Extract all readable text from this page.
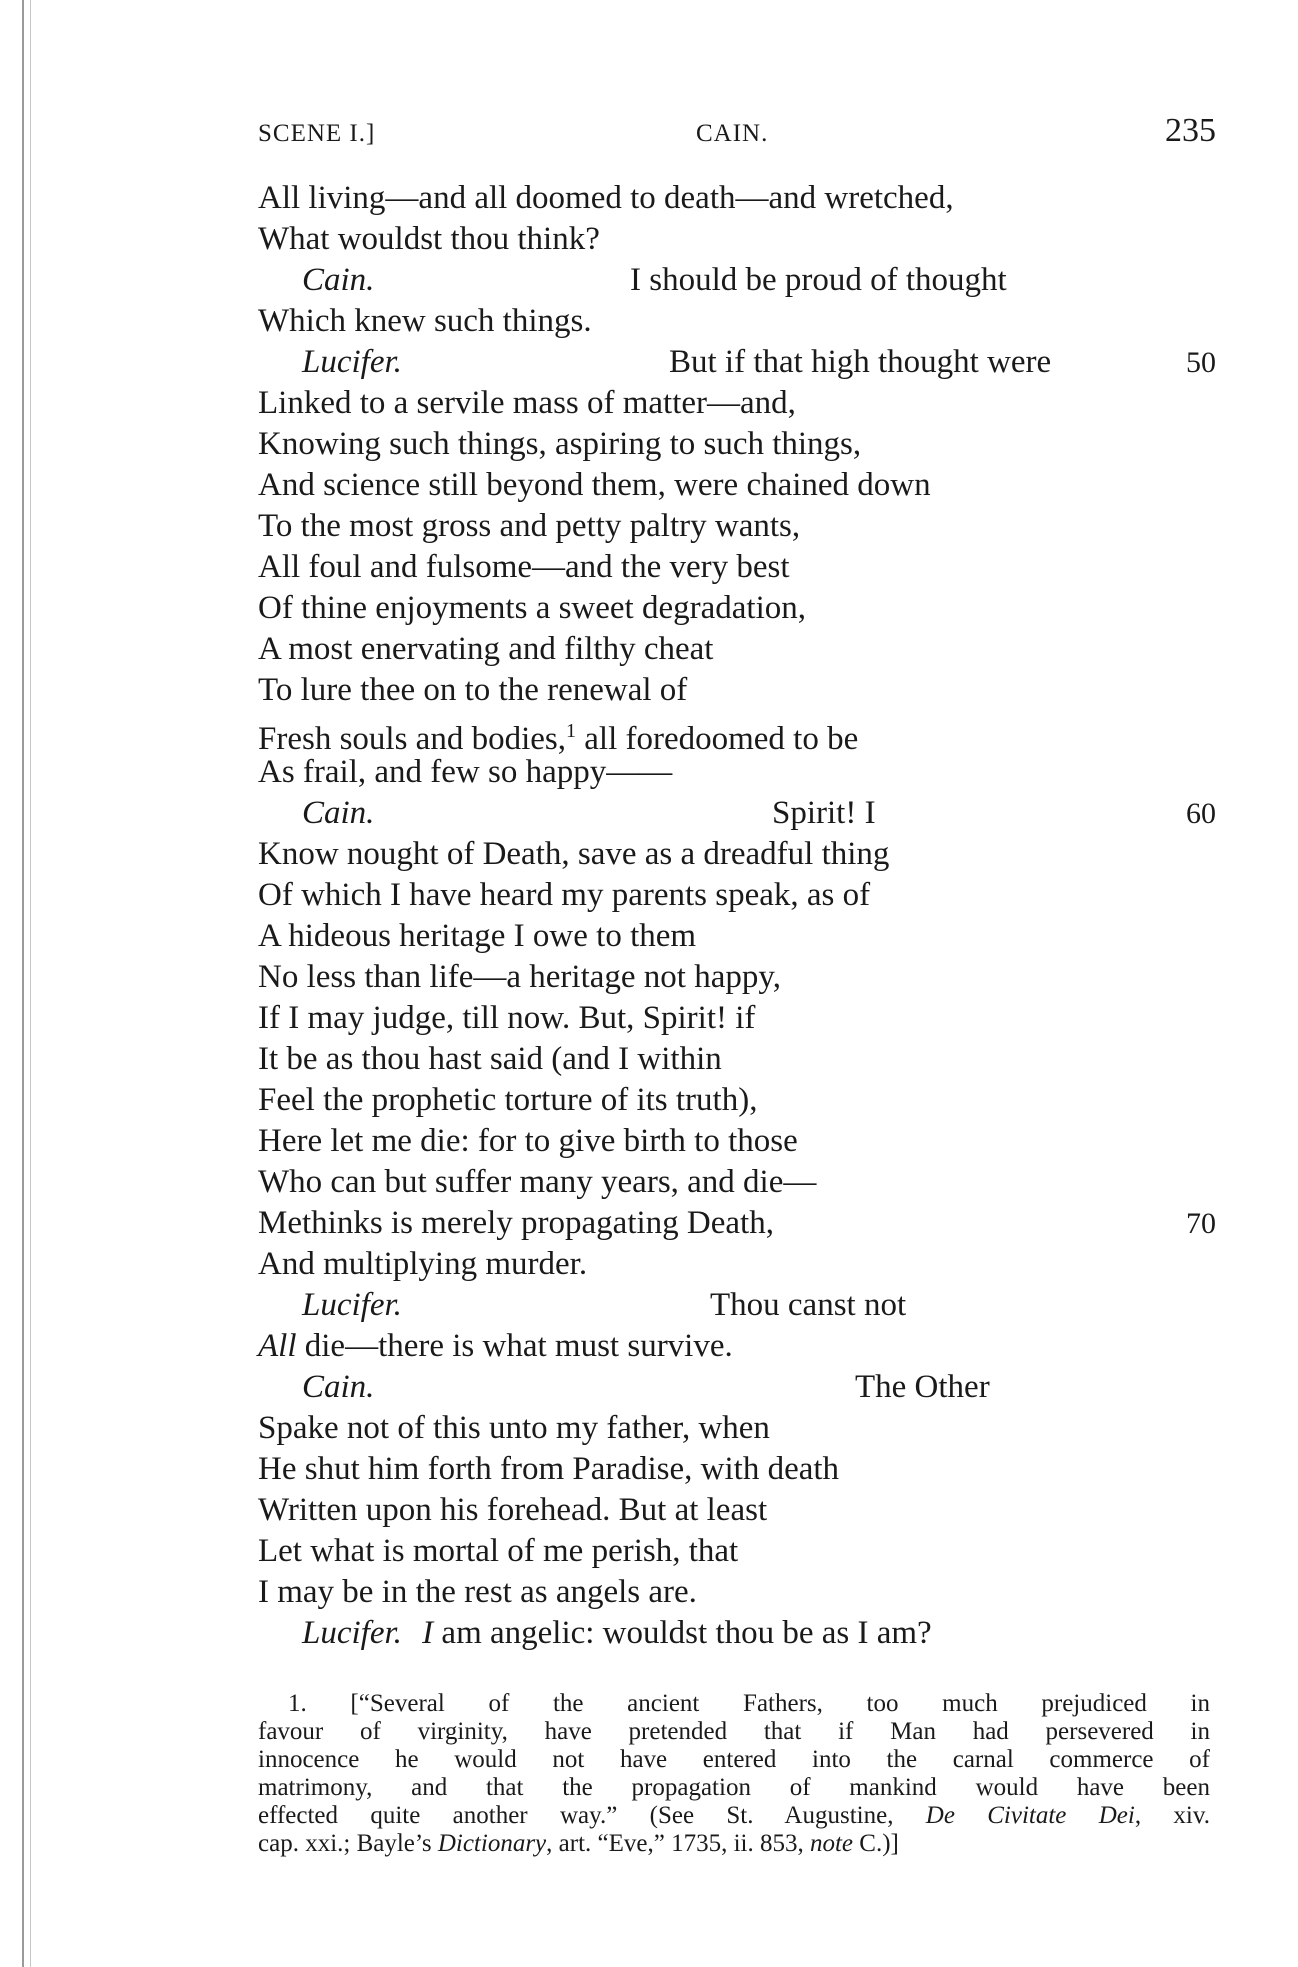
SCENE I.]	CAIN.	235
All living—and all doomed to death—and wretched,
What wouldst thou think?
Cain.	I should be proud of thought
Which knew such things.
Lucifer.	But if that high thought were	50
Linked to a servile mass of matter—and,
Knowing such things, aspiring to such things,
And science still beyond them, were chained down
To the most gross and petty paltry wants,
All foul and fulsome—and the very best
Of thine enjoyments a sweet degradation,
A most enervating and filthy cheat
To lure thee on to the renewal of
Fresh souls and bodies,$^1$ all foredoomed to be
As frail, and few so happy——
Cain.	Spirit! I	60
Know nought of Death, save as a dreadful thing
Of which I have heard my parents speak, as of
A hideous heritage I owe to them
No less than life—a heritage not happy,
If I may judge, till now. But, Spirit! if
It be as thou hast said (and I within
Feel the prophetic torture of its truth),
Here let me die: for to give birth to those
Who can but suffer many years, and die—
Methinks is merely propagating Death,	70
And multiplying murder.
Lucifer.	Thou canst not
All die—there is what must survive.
Cain.	The Other
Spake not of this unto my father, when
He shut him forth from Paradise, with death
Written upon his forehead. But at least
Let what is mortal of me perish, that
I may be in the rest as angels are.
Lucifer. I am angelic: wouldst thou be as I am?
1. [“Several of the ancient Fathers, too much prejudiced in
favour of virginity, have pretended that if Man had persevered in
innocence he would not have entered into the carnal commerce of
matrimony, and that the propagation of mankind would have been
effected quite another way.” (See St. Augustine, De Civitate Dei, xiv.
cap. xxi.; Bayle’s Dictionary, art. “Eve,” 1735, ii. 853, note C.)]
